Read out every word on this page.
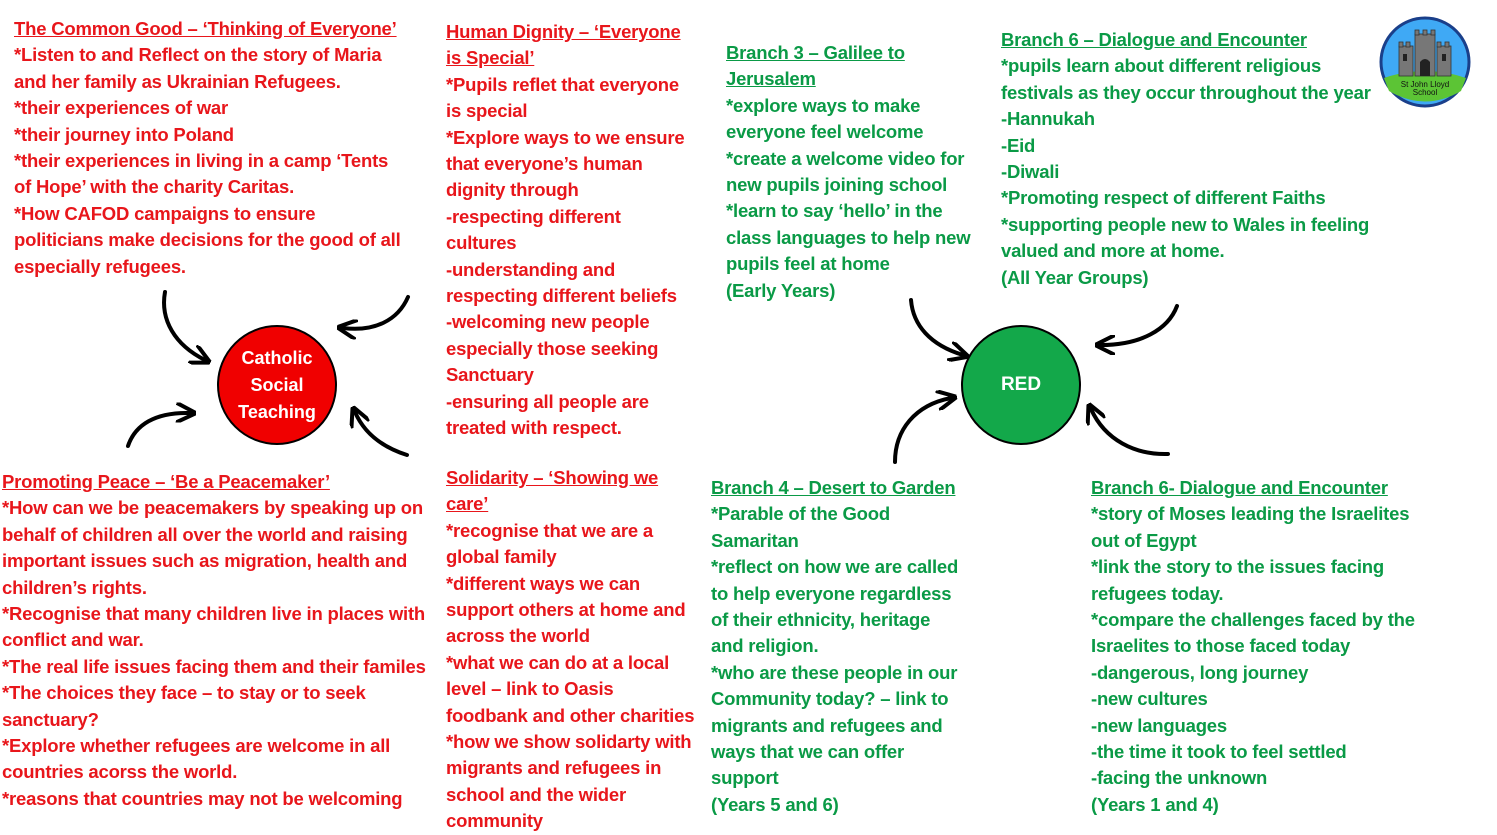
The Common Good – ‘Thinking of Everyone’
*Listen to and Reflect on the story of Maria
and her family as Ukrainian Refugees.
*their experiences of war
*their journey into Poland
*their experiences in living in a camp ‘Tents
of Hope’ with the charity Caritas.
*How CAFOD campaigns to ensure
politicians make decisions for the good of all
especially refugees.
Human Dignity – ‘Everyone
is Special’
*Pupils reflet that everyone
is special
*Explore ways to we ensure
that everyone’s human
dignity through
-respecting different
cultures
-understanding and
respecting different beliefs
-welcoming new people
especially those seeking
Sanctuary
-ensuring all people are
treated with respect.
Promoting Peace – ‘Be a Peacemaker’
*How can we be peacemakers by speaking up on
behalf of children all over the world and raising
important issues such as migration, health and
children’s rights.
*Recognise that many children live in places with
conflict and war.
*The real life issues facing them and their familes
*The choices they face – to stay or to seek
sanctuary?
*Explore whether refugees are welcome in all
countries acorss the world.
*reasons that countries may not be welcoming
Solidarity – ‘Showing we
care’
*recognise that we are a
global family
*different ways we can
support others at home and
across the world
*what we can do at a local
level – link to Oasis
foodbank and other charities
*how we show solidarty with
migrants and refugees in
school and the wider
community
Branch 3 – Galilee to
Jerusalem
*explore ways to make
everyone feel welcome
*create a welcome video for
new pupils joining school
*learn to say ‘hello’ in the
class languages to help new
pupils feel at home
(Early Years)
Branch 6 – Dialogue and Encounter
*pupils learn about different religious
festivals as they occur throughout the year
-Hannukah
-Eid
-Diwali
*Promoting respect of different Faiths
*supporting people new to Wales in feeling
valued and more at home.
(All Year Groups)
Branch 4 – Desert to Garden
*Parable of the Good
Samaritan
*reflect on how we are called
to help everyone regardless
of their ethnicity, heritage
and religion.
*who are these people in our
Community today? – link to
migrants and refugees and
ways that we can offer
support
(Years 5 and 6)
Branch 6- Dialogue and Encounter
*story of Moses leading the Israelites
out of Egypt
*link the story to the issues facing
refugees today.
*compare the challenges faced by the
Israelites to those faced today
-dangerous, long journey
-new cultures
-new languages
-the time it took to feel settled
-facing the unknown
(Years 1 and 4)
Catholic
Social
Teaching
RED
St John Lloyd
School
